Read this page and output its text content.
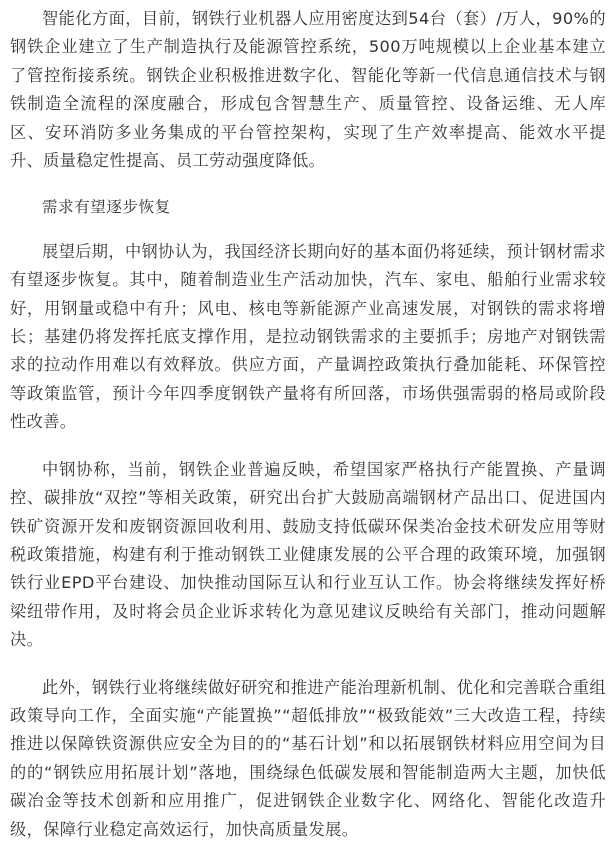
智能化方面，目前，钢铁行业机器人应用密度达到54台（套）/万人，90%的钢铁企业建立了生产制造执行及能源管控系统，500万吨规模以上企业基本建立了管控衔接系统。钢铁企业积极推进数字化、智能化等新一代信息通信技术与钢铁制造全流程的深度融合，形成包含智慧生产、质量管控、设备运维、无人库区、安环消防多业务集成的平台管控架构，实现了生产效率提高、能效水平提升、质量稳定性提高、员工劳动强度降低。

需求有望逐步恢复

展望后期，中钢协认为，我国经济长期向好的基本面仍将延续，预计钢材需求有望逐步恢复。其中，随着制造业生产活动加快，汽车、家电、船舶行业需求较好，用钢量或稳中有升；风电、核电等新能源产业高速发展，对钢铁的需求将增长；基建仍将发挥托底支撑作用，是拉动钢铁需求的主要抓手；房地产对钢铁需求的拉动作用难以有效释放。供应方面，产量调控政策执行叠加能耗、环保管控等政策监管，预计今年四季度钢铁产量将有所回落，市场供强需弱的格局或阶段性改善。

中钢协称，当前，钢铁企业普遍反映，希望国家严格执行产能置换、产量调控、碳排放“双控”等相关政策，研究出台扩大鼓励高端钢材产品出口、促进国内铁矿资源开发和废钢资源回收利用、鼓励支持低碳环保类冶金技术研发应用等财税政策措施，构建有利于推动钢铁工业健康发展的公平合理的政策环境，加强钢铁行业EPD平台建设、加快推动国际互认和行业互认工作。协会将继续发挥好桥梁纽带作用，及时将会员企业诉求转化为意见建议反映给有关部门，推动问题解决。

此外，钢铁行业将继续做好研究和推进产能治理新机制、优化和完善联合重组政策导向工作，全面实施“产能置换”“超低排放”“极致能效”三大改造工程，持续推进以保障铁资源供应安全为目的的“基石计划”和以拓展钢铁材料应用空间为目的的“钢铁应用拓展计划”落地，围绕绿色低碳发展和智能制造两大主题，加快低碳冶金等技术创新和应用推广，促进钢铁企业数字化、网络化、智能化改造升级，保障行业稳定高效运行，加快高质量发展。
